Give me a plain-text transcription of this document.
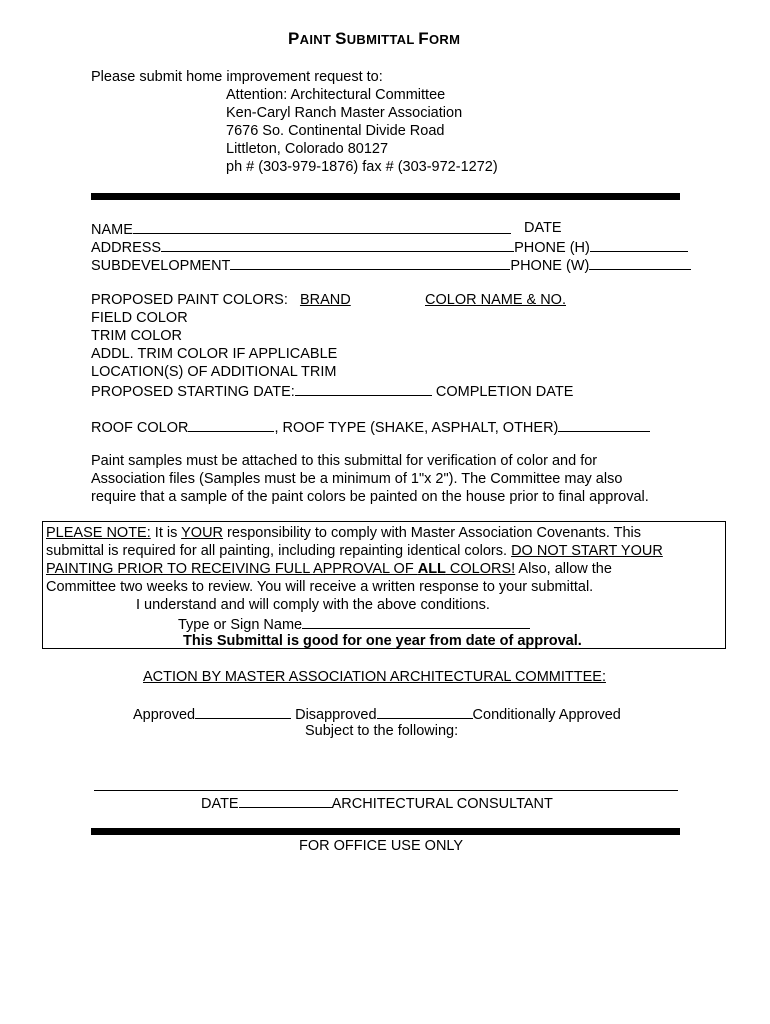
PAINT SUBMITTAL FORM
Please submit home improvement request to:
Attention: Architectural Committee
Ken-Caryl Ranch Master Association
7676 So. Continental Divide Road
Littleton, Colorado 80127
ph # (303-979-1876) fax # (303-972-1272)
NAME	DATE
ADDRESS	PHONE (H)
SUBDEVELOPMENT	PHONE (W)
PROPOSED PAINT COLORS: BRAND	COLOR NAME & NO.
FIELD COLOR
TRIM COLOR
ADDL. TRIM COLOR IF APPLICABLE
LOCATION(S) OF ADDITIONAL TRIM
PROPOSED STARTING DATE:	COMPLETION DATE
ROOF COLOR	, ROOF TYPE (SHAKE, ASPHALT, OTHER)
Paint samples must be attached to this submittal for verification of color and for
Association files (Samples must be a minimum of 1"x 2"). The Committee may also
require that a sample of the paint colors be painted on the house prior to final approval.
PLEASE NOTE: It is YOUR responsibility to comply with Master Association Covenants. This
submittal is required for all painting, including repainting identical colors. DO NOT START YOUR
PAINTING PRIOR TO RECEIVING FULL APPROVAL OF ALL COLORS! Also, allow the
Committee two weeks to review. You will receive a written response to your submittal.
I understand and will comply with the above conditions.
Type or Sign Name
This Submittal is good for one year from date of approval.
ACTION BY MASTER ASSOCIATION ARCHITECTURAL COMMITTEE:
Approved	Disapproved	Conditionally Approved
Subject to the following:
DATE	ARCHITECTURAL CONSULTANT
FOR OFFICE USE ONLY
